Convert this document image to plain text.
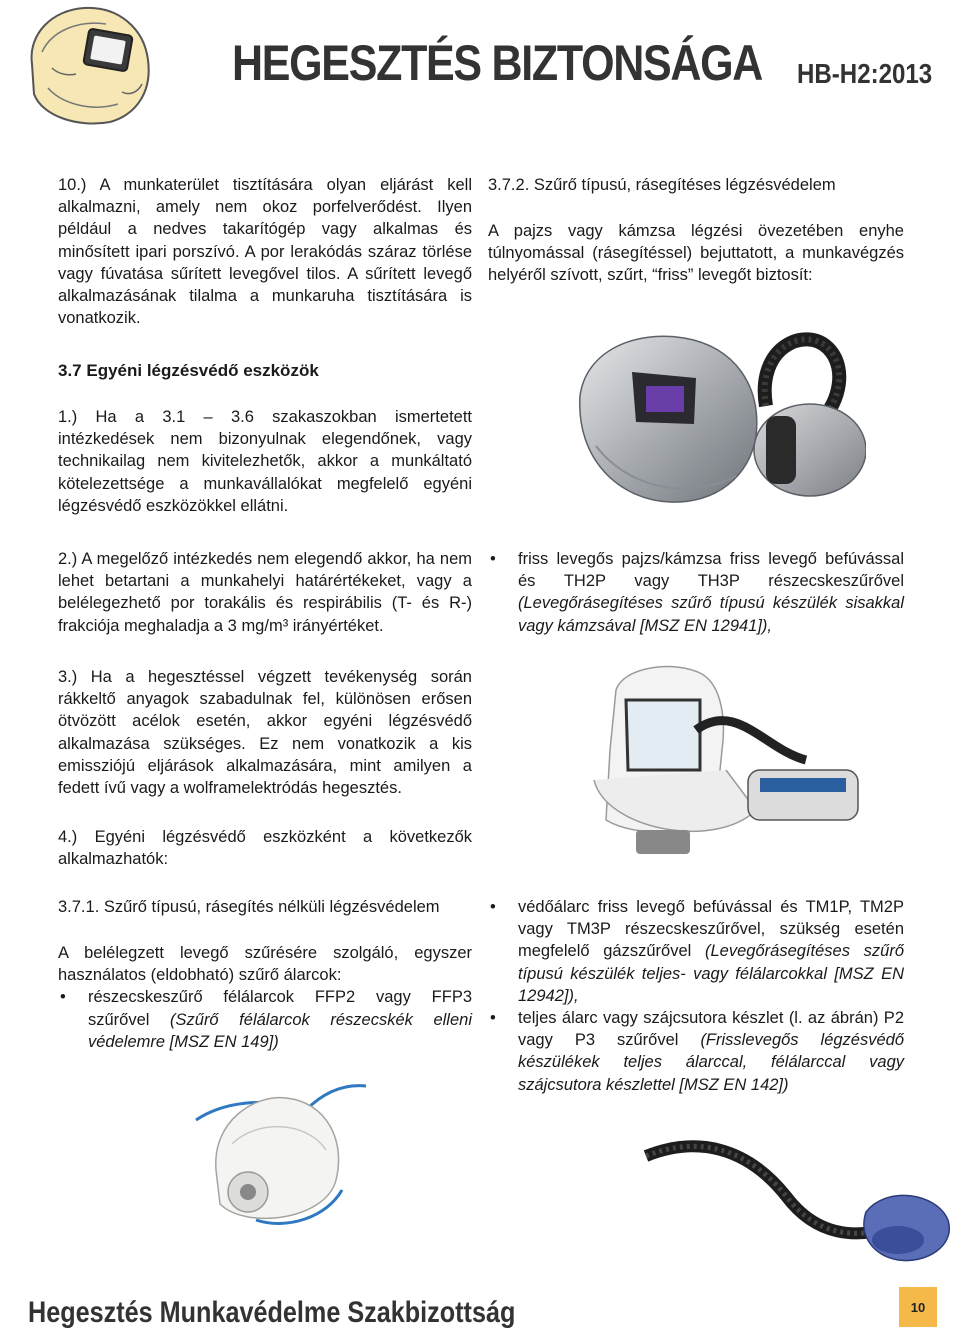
HEGESZTÉS BIZTONSÁGA HB-H2:2013

10.) A munkaterület tisztítására olyan eljárást kell alkalmazni, amely nem okoz porfelverődést. Ilyen például a nedves takarítógép vagy alkalmas és minősített ipari porszívó. A por lerakódás száraz törlése vagy fúvatása sűrített levegővel tilos. A sűrített levegő alkalmazásának tilalma a munkaruha tisztítására is vonatkozik.

3.7 Egyéni légzésvédő eszközök

1.) Ha a 3.1 – 3.6 szakaszokban ismertetett intézkedések nem bizonyulnak elegendőnek, vagy technikailag nem kivitelezhetők, akkor a munkáltató kötelezettsége a munkavállalókat megfelelő egyéni légzésvédő eszközökkel ellátni.

2.) A megelőző intézkedés nem elegendő akkor, ha nem lehet betartani a munkahelyi határértékeket, vagy a belélegezhető por torakális és respirábilis (T- és R-) frakciója meghaladja a 3 mg/m³ irányértéket.

3.) Ha a hegesztéssel végzett tevékenység során rákkeltő anyagok szabadulnak fel, különösen erősen ötvözött acélok esetén, akkor egyéni légzésvédő alkalmazása szükséges. Ez nem vonatkozik a kis emissziójú eljárások alkalmazására, mint amilyen a fedett ívű vagy a wolframelektródás hegesztés.

4.) Egyéni légzésvédő eszközként a következők alkalmazhatók:

3.7.1. Szűrő típusú, rásegítés nélküli légzésvédelem

A belélegzett levegő szűrésére szolgáló, egyszer használatos (eldobható) szűrő álarcok:

• részecskeszűrő félálarcok FFP2 vagy FFP3 szűrővel (Szűrő félálarcok részecskék elleni védelemre [MSZ EN 149])

3.7.2. Szűrő típusú, rásegítéses légzésvédelem

A pajzs vagy kámzsa légzési övezetében enyhe túlnyomással (rásegítéssel) bejuttatott, a munkavégzés helyéről szívott, szűrt, “friss” levegőt biztosít:

• friss levegős pajzs/kámzsa friss levegő befúvással és TH2P vagy TH3P részecskeszűrővel (Levegőrásegítéses szűrő típusú készülék sisakkal vagy kámzsával [MSZ EN 12941]),
• védőálarc friss levegő befúvással és TM1P, TM2P vagy TM3P részecskeszűrővel, szükség esetén megfelelő gázszűrővel (Levegőrásegítéses szűrő típusú készülék teljes- vagy félálarcokkal [MSZ EN 12942]),
• teljes álarc vagy szájcsutora készlet (l. az ábrán) P2 vagy P3 szűrővel (Frisslevegős légzésvédő készülékek teljes álarccal, félálarccal vagy szájcsutora készlettel [MSZ EN 142])
Hegesztés Munkavédelme Szakbizottság	10
